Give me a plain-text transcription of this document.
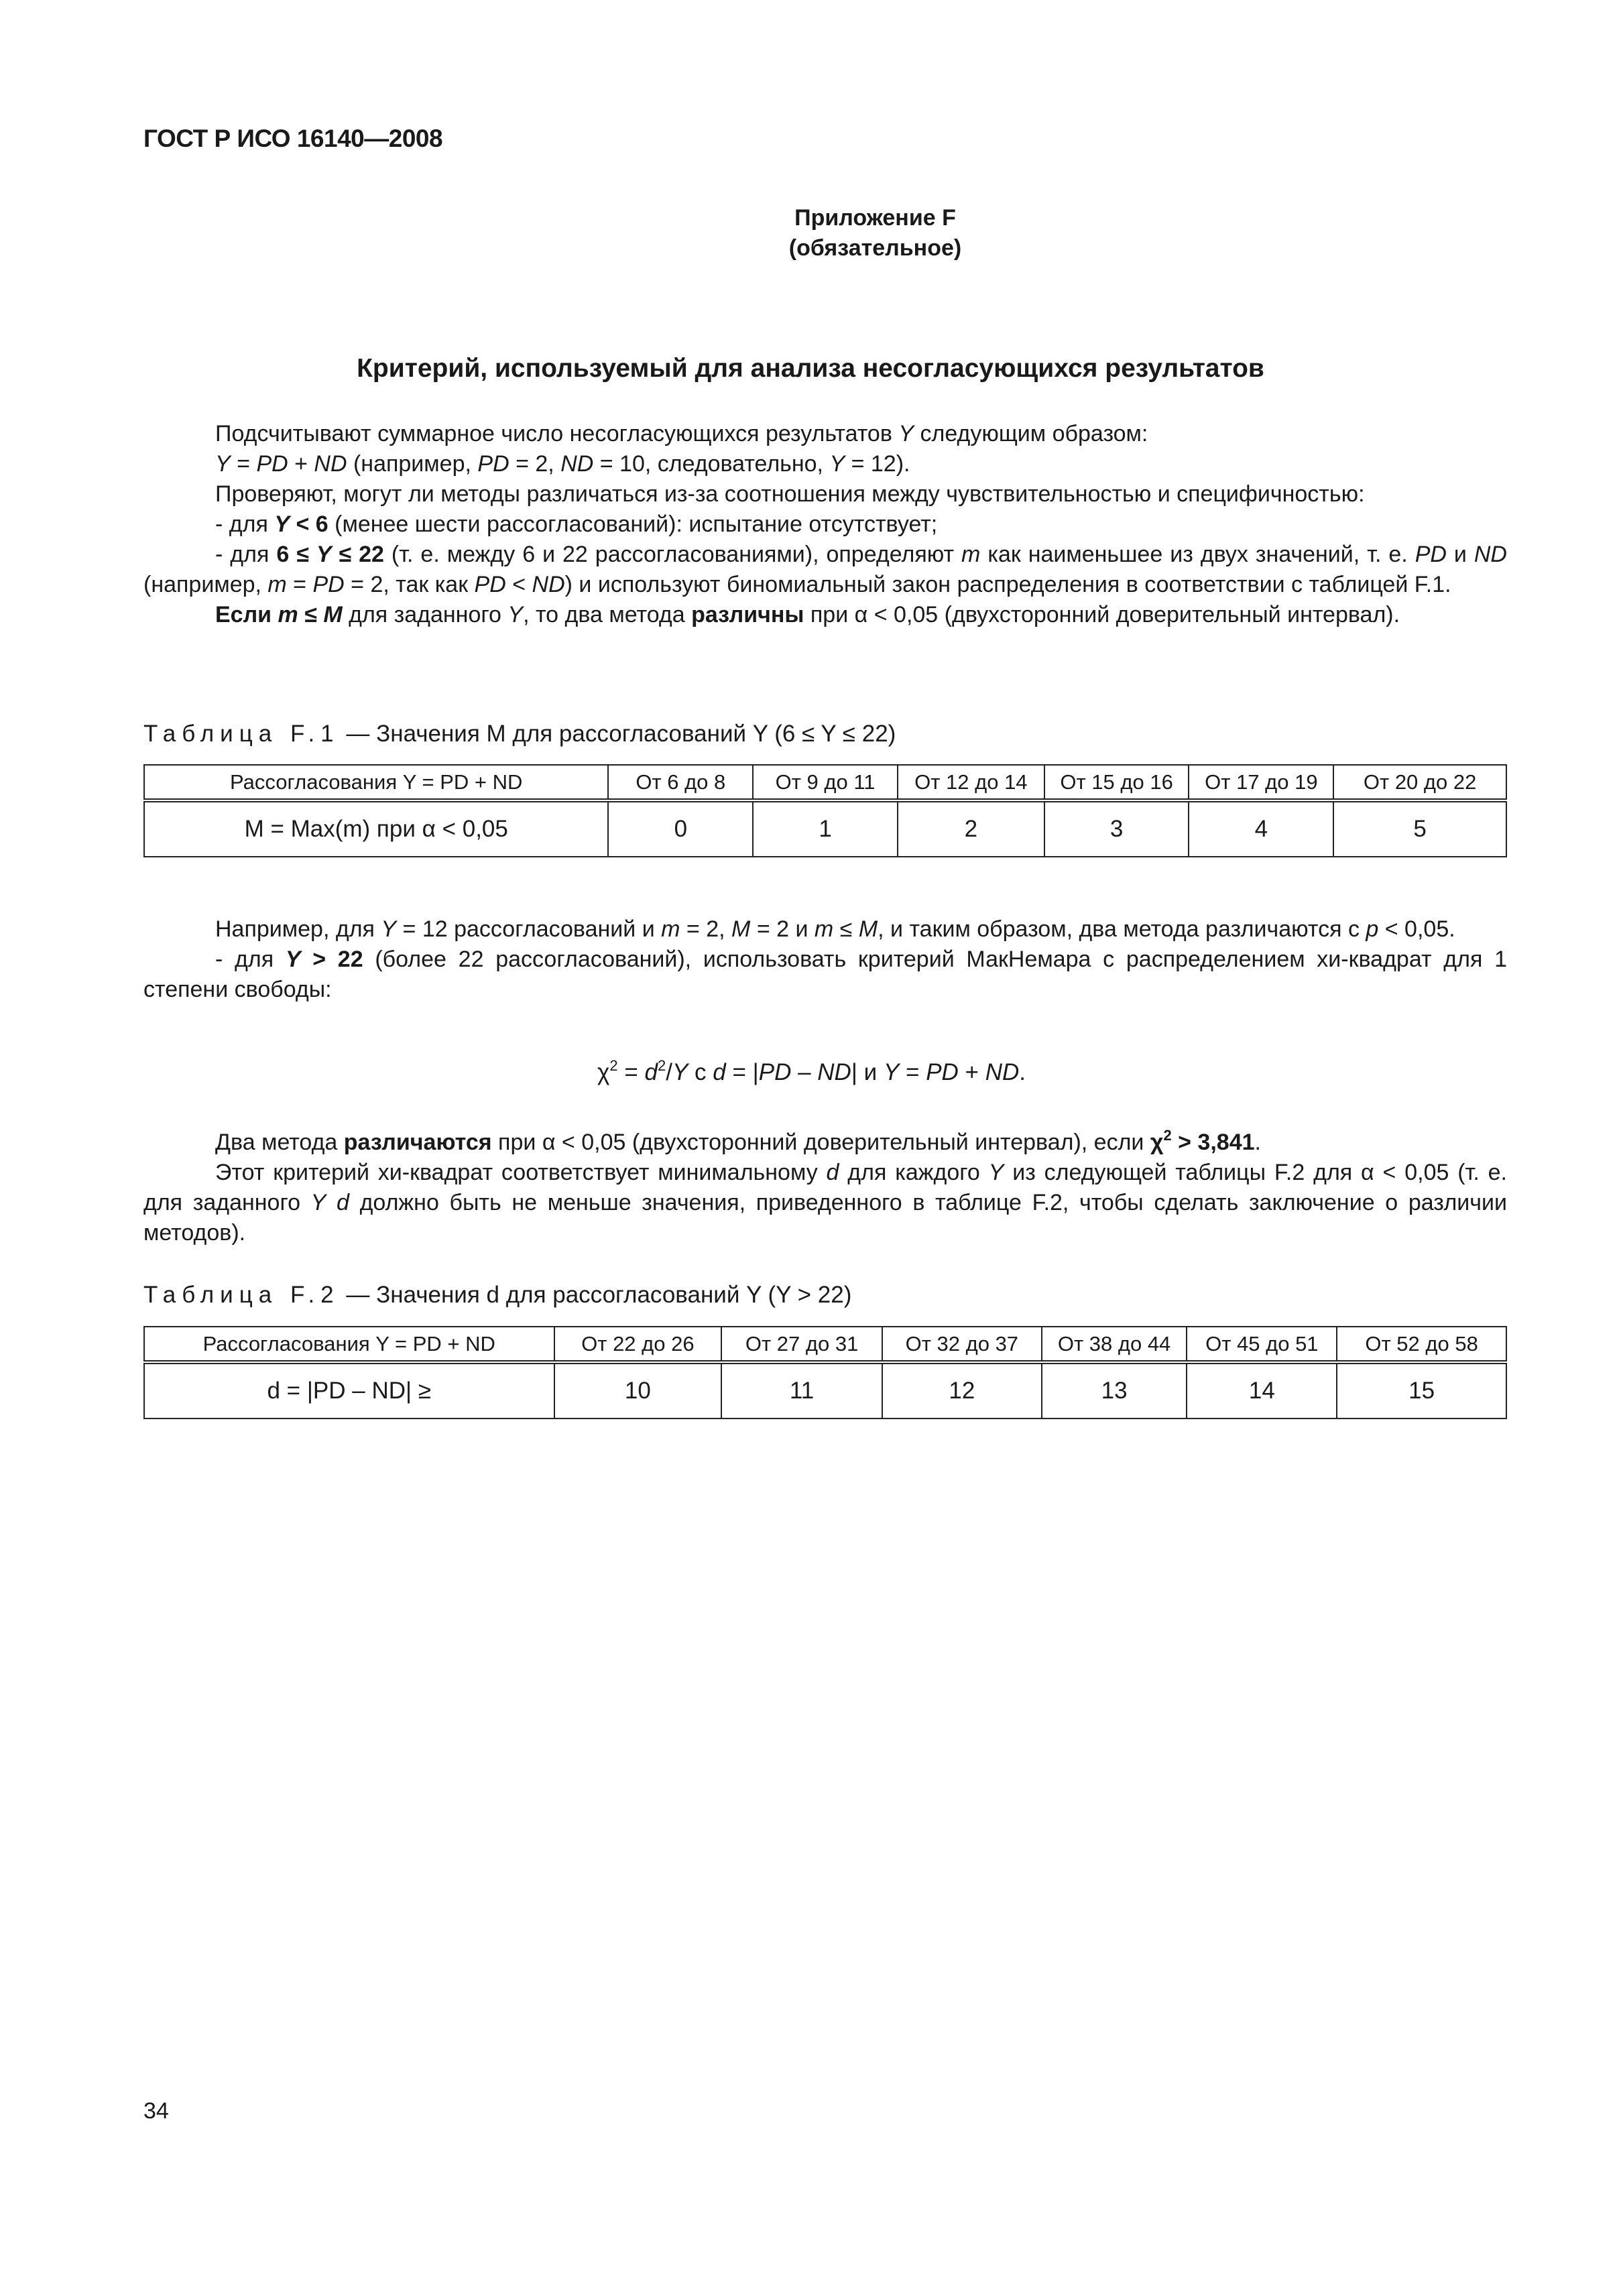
ГОСТ Р ИСО 16140—2008
Приложение F
(обязательное)
Критерий, используемый для анализа несогласующихся результатов
Подсчитывают суммарное число несогласующихся результатов Y следующим образом:
Y = PD + ND (например, PD = 2, ND = 10, следовательно, Y = 12).
Проверяют, могут ли методы различаться из-за соотношения между чувствительностью и специфичностью:
- для Y < 6 (менее шести рассогласований): испытание отсутствует;
- для 6 ≤ Y ≤ 22 (т. е. между 6 и 22 рассогласованиями), определяют m как наименьшее из двух значений, т. е. PD и ND (например, m = PD = 2, так как PD < ND) и используют биномиальный закон распределения в соответствии с таблицей F.1.
Если m ≤ M для заданного Y, то два метода различны при α < 0,05 (двухсторонний доверительный интервал).
Таблица F.1 — Значения M для рассогласований Y (6 ≤ Y ≤ 22)
Рассогласования Y = PD + ND	От 6 до 8	От 9 до 11	От 12 до 14	От 15 до 16	От 17 до 19	От 20 до 22
M = Max(m) при α < 0,05	0	1	2	3	4	5
Например, для Y = 12 рассогласований и m = 2, M = 2 и m ≤ M, и таким образом, два метода различаются с p < 0,05.
- для Y > 22 (более 22 рассогласований), использовать критерий МакНемара с распределением хи-квадрат для 1 степени свободы:
$\chi^2 = d^2/Y$ с d = |PD – ND| и Y = PD + ND.
Два метода различаются при α < 0,05 (двухсторонний доверительный интервал), если $\chi^2 > 3,841$.
Этот критерий хи-квадрат соответствует минимальному d для каждого Y из следующей таблицы F.2 для α < 0,05 (т. е. для заданного Y d должно быть не меньше значения, приведенного в таблице F.2, чтобы сделать заключение о различии методов).
Таблица F.2 — Значения d для рассогласований Y (Y > 22)
Рассогласования Y = PD + ND	От 22 до 26	От 27 до 31	От 32 до 37	От 38 до 44	От 45 до 51	От 52 до 58
d = |PD – ND| ≥	10	11	12	13	14	15
34
